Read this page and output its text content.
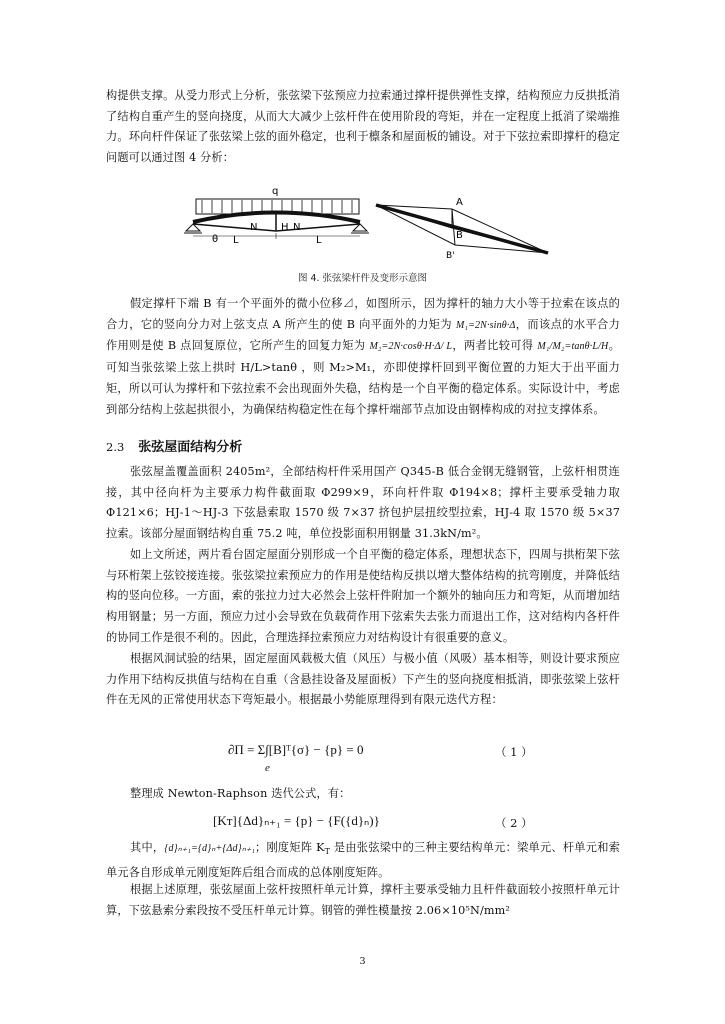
构提供支撑。从受力形式上分析，张弦梁下弦预应力拉索通过撑杆提供弹性支撑，结构预应力反拱抵消了结构自重产生的竖向挠度，从而大大减少上弦杆件在使用阶段的弯矩，并在一定程度上抵消了梁端推力。环向杆件保证了张弦梁上弦的面外稳定，也利于檩条和屋面板的铺设。对于下弦拉索即撑杆的稳定问题可以通过图 4 分析：
q
N H N
θ L	L
A
B
B'
图 4. 张弦梁杆件及变形示意图
假定撑杆下端 B 有一个平面外的微小位移⊿，如图所示，因为撑杆的轴力大小等于拉索在该点的合力，它的竖向分力对上弦支点 A 所产生的使 B 向平面外的力矩为 M₁=2N·sinθ·Δ，而该点的水平合力作用则是使 B 点回复原位，它所产生的回复力矩为 M₂=2N·cosθ·H·Δ/ L，两者比较可得 M₁/M₂=tanθ·L/H。可知当张弦梁上弦上拱时 H/L>tanθ ，则 M₂>M₁，亦即使撑杆回到平衡位置的力矩大于出平面力矩，所以可认为撑杆和下弦拉索不会出现面外失稳，结构是一个自平衡的稳定体系。实际设计中，考虑到部分结构上弦起拱很小，为确保结构稳定性在每个撑杆端部节点加设由钢棒构成的对拉支撑体系。
2.3 张弦屋面结构分析
张弦屋盖覆盖面积 2405m²，全部结构杆件采用国产 Q345-B 低合金钢无缝钢管，上弦杆相贯连接，其中径向杆为主要承力构件截面取 Φ299×9，环向杆件取 Φ194×8；撑杆主要承受轴力取 Φ121×6；HJ-1～HJ-3 下弦悬索取 1570 级 7×37 挤包护层扭绞型拉索，HJ-4 取 1570 级 5×37 拉索。该部分屋面钢结构自重 75.2 吨，单位投影面积用钢量 31.3kN/m²。
如上文所述，两片看台固定屋面分别形成一个自平衡的稳定体系，理想状态下，四周与拱桁架下弦与环桁架上弦铰接连接。张弦梁拉索预应力的作用是使结构反拱以增大整体结构的抗弯刚度，并降低结构的竖向位移。一方面，索的张拉力过大必然会上弦杆件附加一个额外的轴向压力和弯矩，从而增加结构用钢量；另一方面，预应力过小会导致在负载荷作用下弦索失去张力而退出工作，这对结构内各杆件的协同工作是很不利的。因此，合理选择拉索预应力对结构设计有很重要的意义。
根据风洞试验的结果，固定屋面风载极大值（风压）与极小值（风吸）基本相等，则设计要求预应力作用下结构反拱值与结构在自重（含悬挂设备及屋面板）下产生的竖向挠度相抵消，即张弦梁上弦杆件在无风的正常使用状态下弯矩最小。根据最小势能原理得到有限元迭代方程：
∂Π = Σ∫[B]ᵀ{σ} − {p} = 0
e
（ 1 ）
整理成 Newton-Raphson 迭代公式，有：
[Kᴛ]{Δd}ₙ₊₁ = {p} − {F({d}ₙ)}	（ 2 ）
其中，{d}ₙ₊₁={d}ₙ+{Δd}ₙ₊₁；刚度矩阵 $K_T$ 是由张弦梁中的三种主要结构单元：梁单元、杆单元和索单元各自形成单元刚度矩阵后组合而成的总体刚度矩阵。
根据上述原理，张弦屋面上弦杆按照杆单元计算，撑杆主要承受轴力且杆件截面较小按照杆单元计算，下弦悬索分索段按不受压杆单元计算。钢管的弹性模量按 2.06×10⁵N/mm²
3
